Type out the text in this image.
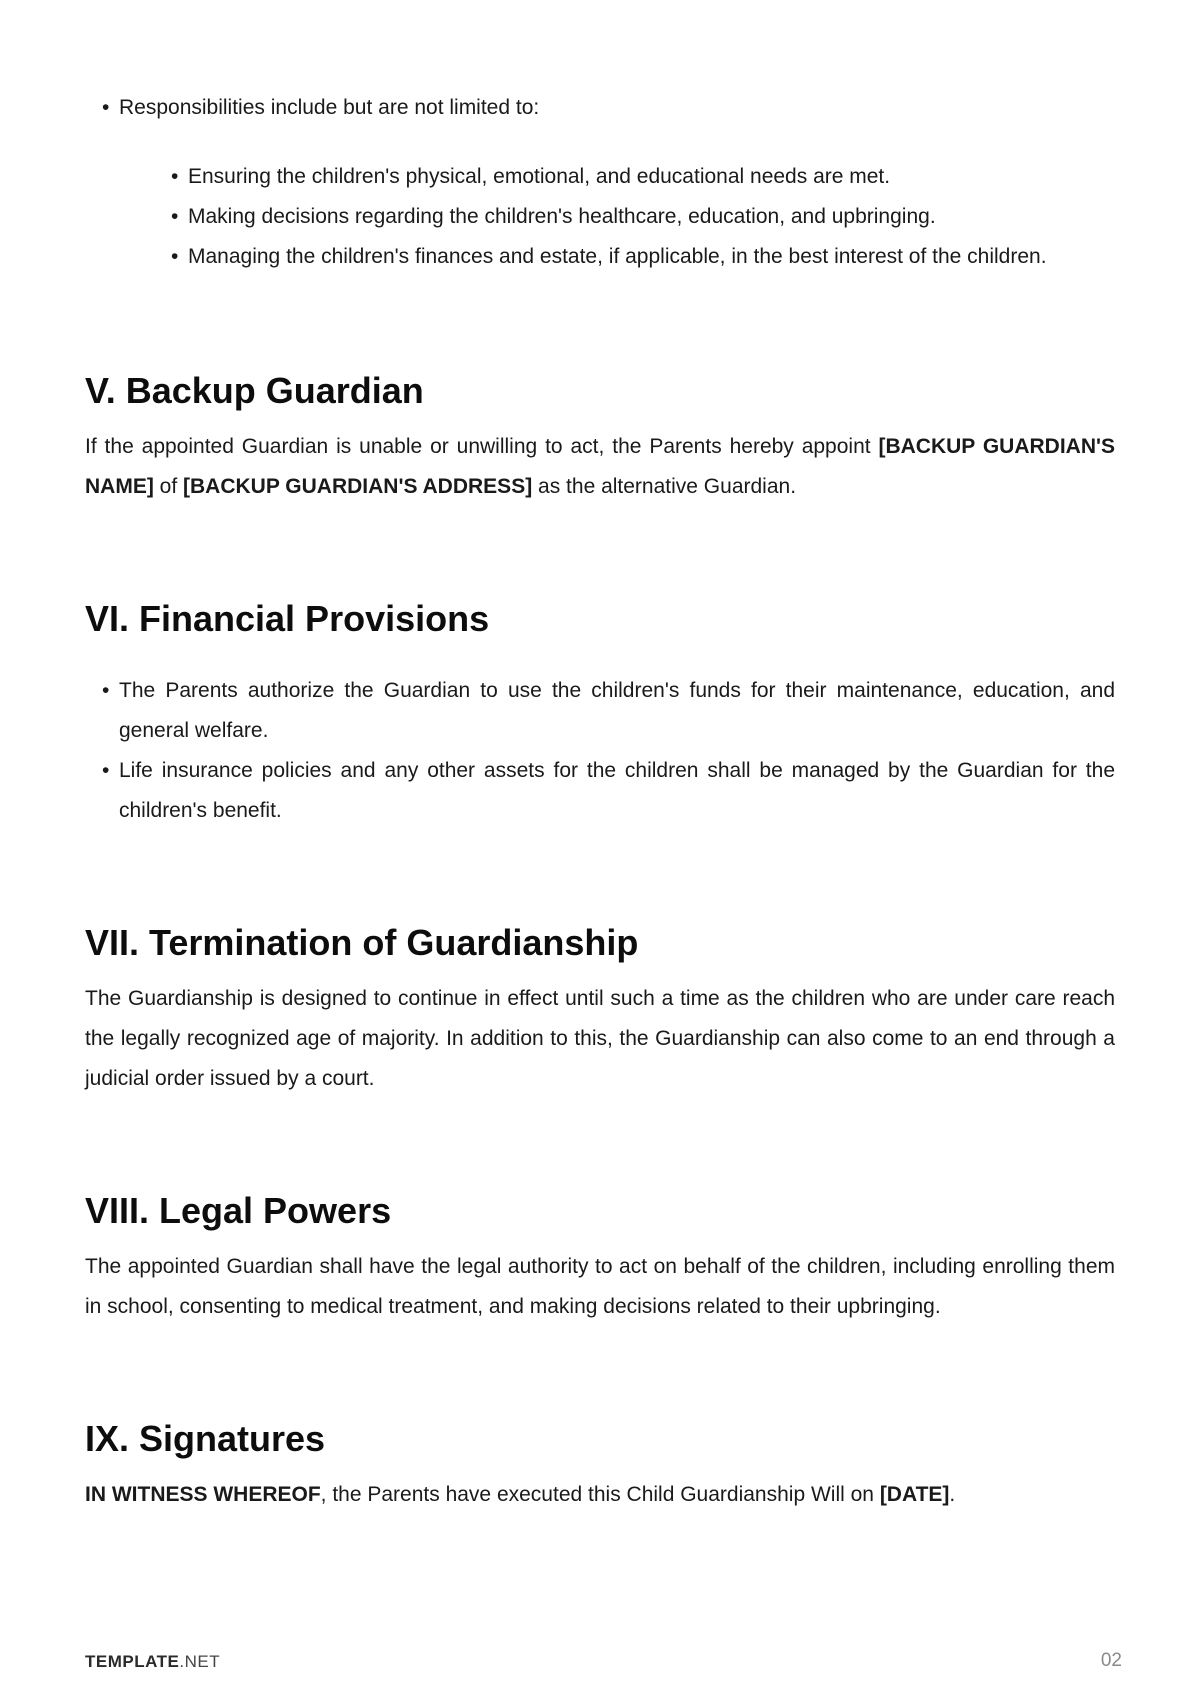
• Responsibilities include but are not limited to:
• Ensuring the children's physical, emotional, and educational needs are met.
• Making decisions regarding the children's healthcare, education, and upbringing.
• Managing the children's finances and estate, if applicable, in the best interest of the children.
V. Backup Guardian

If the appointed Guardian is unable or unwilling to act, the Parents hereby appoint [BACKUP GUARDIAN'S NAME] of [BACKUP GUARDIAN'S ADDRESS] as the alternative Guardian.

VI. Financial Provisions
• The Parents authorize the Guardian to use the children's funds for their maintenance, education, and general welfare.
• Life insurance policies and any other assets for the children shall be managed by the Guardian for the children's benefit.
VII. Termination of Guardianship

The Guardianship is designed to continue in effect until such a time as the children who are under care reach the legally recognized age of majority. In addition to this, the Guardianship can also come to an end through a judicial order issued by a court.

VIII. Legal Powers

The appointed Guardian shall have the legal authority to act on behalf of the children, including enrolling them in school, consenting to medical treatment, and making decisions related to their upbringing.

IX. Signatures

IN WITNESS WHEREOF, the Parents have executed this Child Guardianship Will on [DATE].

TEMPLATE.NET	02
